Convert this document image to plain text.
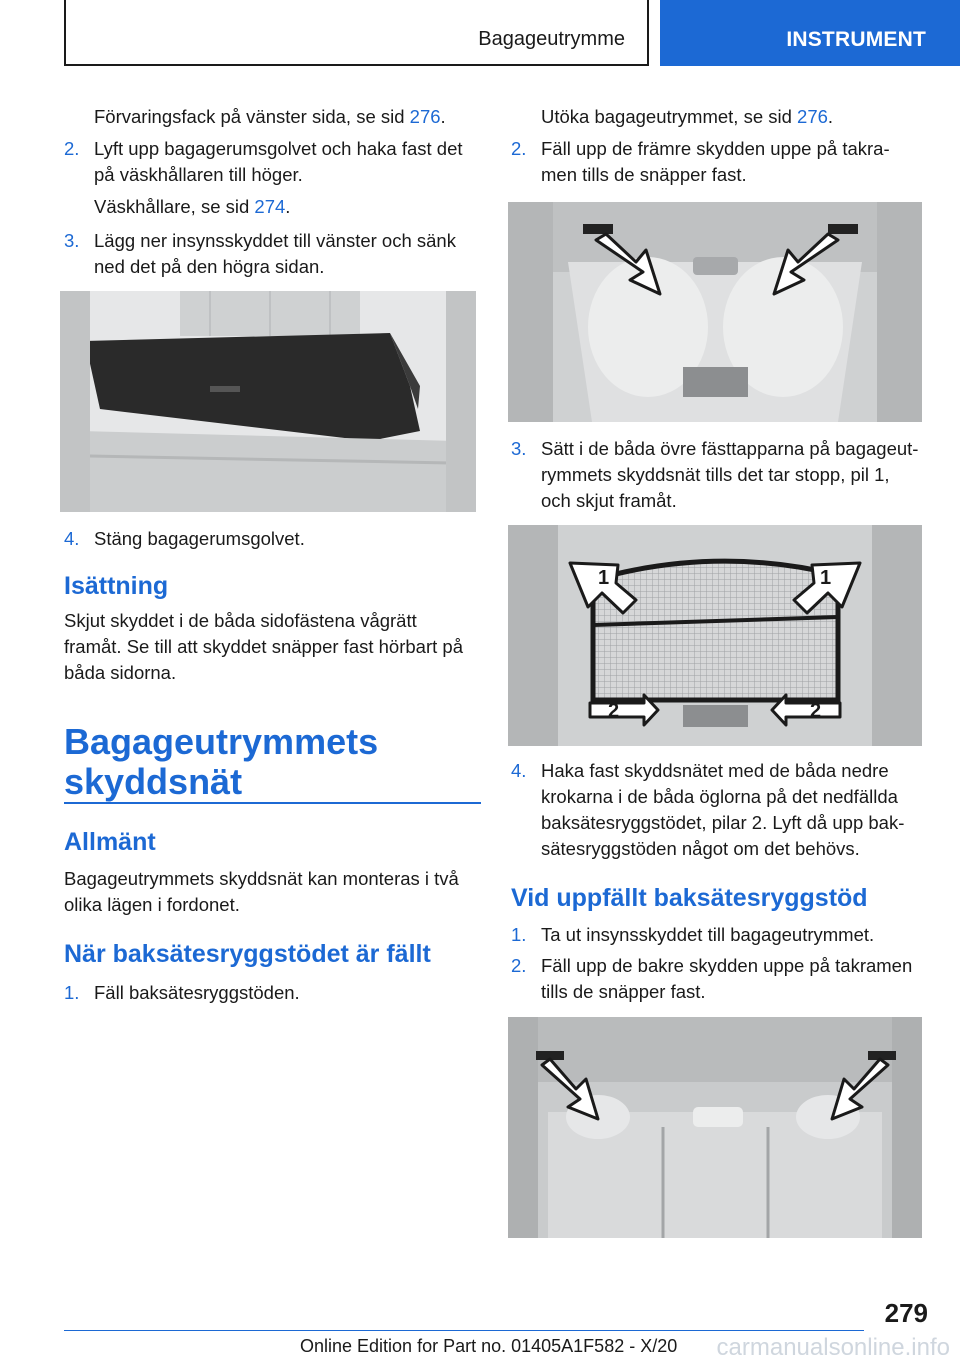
Bagageutrymme	INSTRUMENT
Förvaringsfack på vänster sida, se sid 276.
2. Lyft upp bagagerumsgolvet och haka fast det
på väskhållaren till höger.
Väskhållare, se sid 274.
3. Lägg ner insynsskyddet till vänster och sänk
ned det på den högra sidan.
4. Stäng bagagerumsgolvet.
Isättning
Skjut skyddet i de båda sidofästena vågrätt
framåt. Se till att skyddet snäpper fast hörbart på
båda sidorna.
Bagageutrymmets
skyddsnät
Allmänt
Bagageutrymmets skyddsnät kan monteras i två
olika lägen i fordonet.
När baksätesryggstödet är fällt
1. Fäll baksätesryggstöden.
Utöka bagageutrymmet, se sid 276.
2. Fäll upp de främre skydden uppe på takra-
men tills de snäpper fast.
3. Sätt i de båda övre fästtapparna på bagageut-
rymmets skyddsnät tills det tar stopp, pil 1,
och skjut framåt.
1	1
2	2
4. Haka fast skyddsnätet med de båda nedre
krokarna i de båda öglorna på det nedfällda
baksätesryggstödet, pilar 2. Lyft då upp bak-
sätesryggstöden något om det behövs.
Vid uppfällt baksätesryggstöd
1. Ta ut insynsskyddet till bagageutrymmet.
2. Fäll upp de bakre skydden uppe på takramen
tills de snäpper fast.
279
carmanualsonline.info
Online Edition for Part no. 01405A1F582 - X/20
